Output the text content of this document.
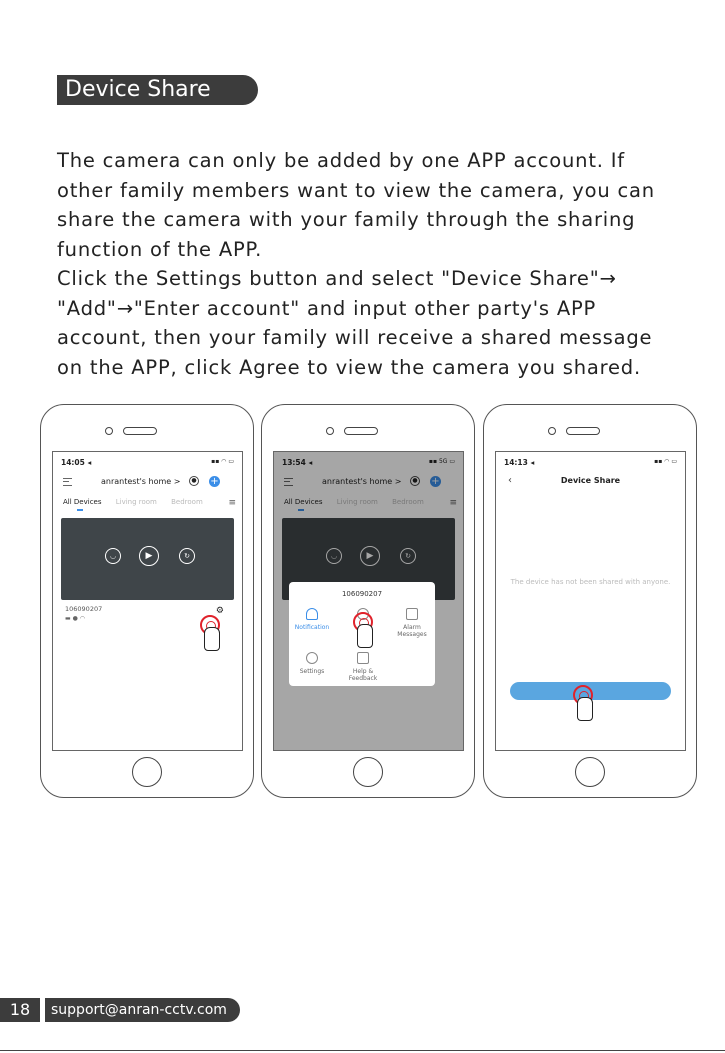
Device Share

The camera can only be added by one APP account. If other family members want to view the camera, you can share the camera with your family through the sharing function of the APP.

Click the Settings button and select "Device Share"→ "Add"→"Enter account" and input other party's APP account, then your family will receive a shared message on the APP, click Agree to view the camera you shared.

14:05 ◂	▪▪ ◠ ▭
anrantest's home >	● +
All Devices Living room Bedroom	≡
◡	▶	↻
106090207
▬ ● ◠
⚙
13:54 ◂	▪▪ 5G ▭
anrantest's home >	● +
All Devices Living room Bedroom	≡
◡	▶	↻
106090207
Notification	Alarm Messages
Settings	Help & Feedback
14:13 ◂	▪▪ ◠ ▭
‹	Device Share
The device has not been shared with anyone.
18	support@anran-cctv.com
